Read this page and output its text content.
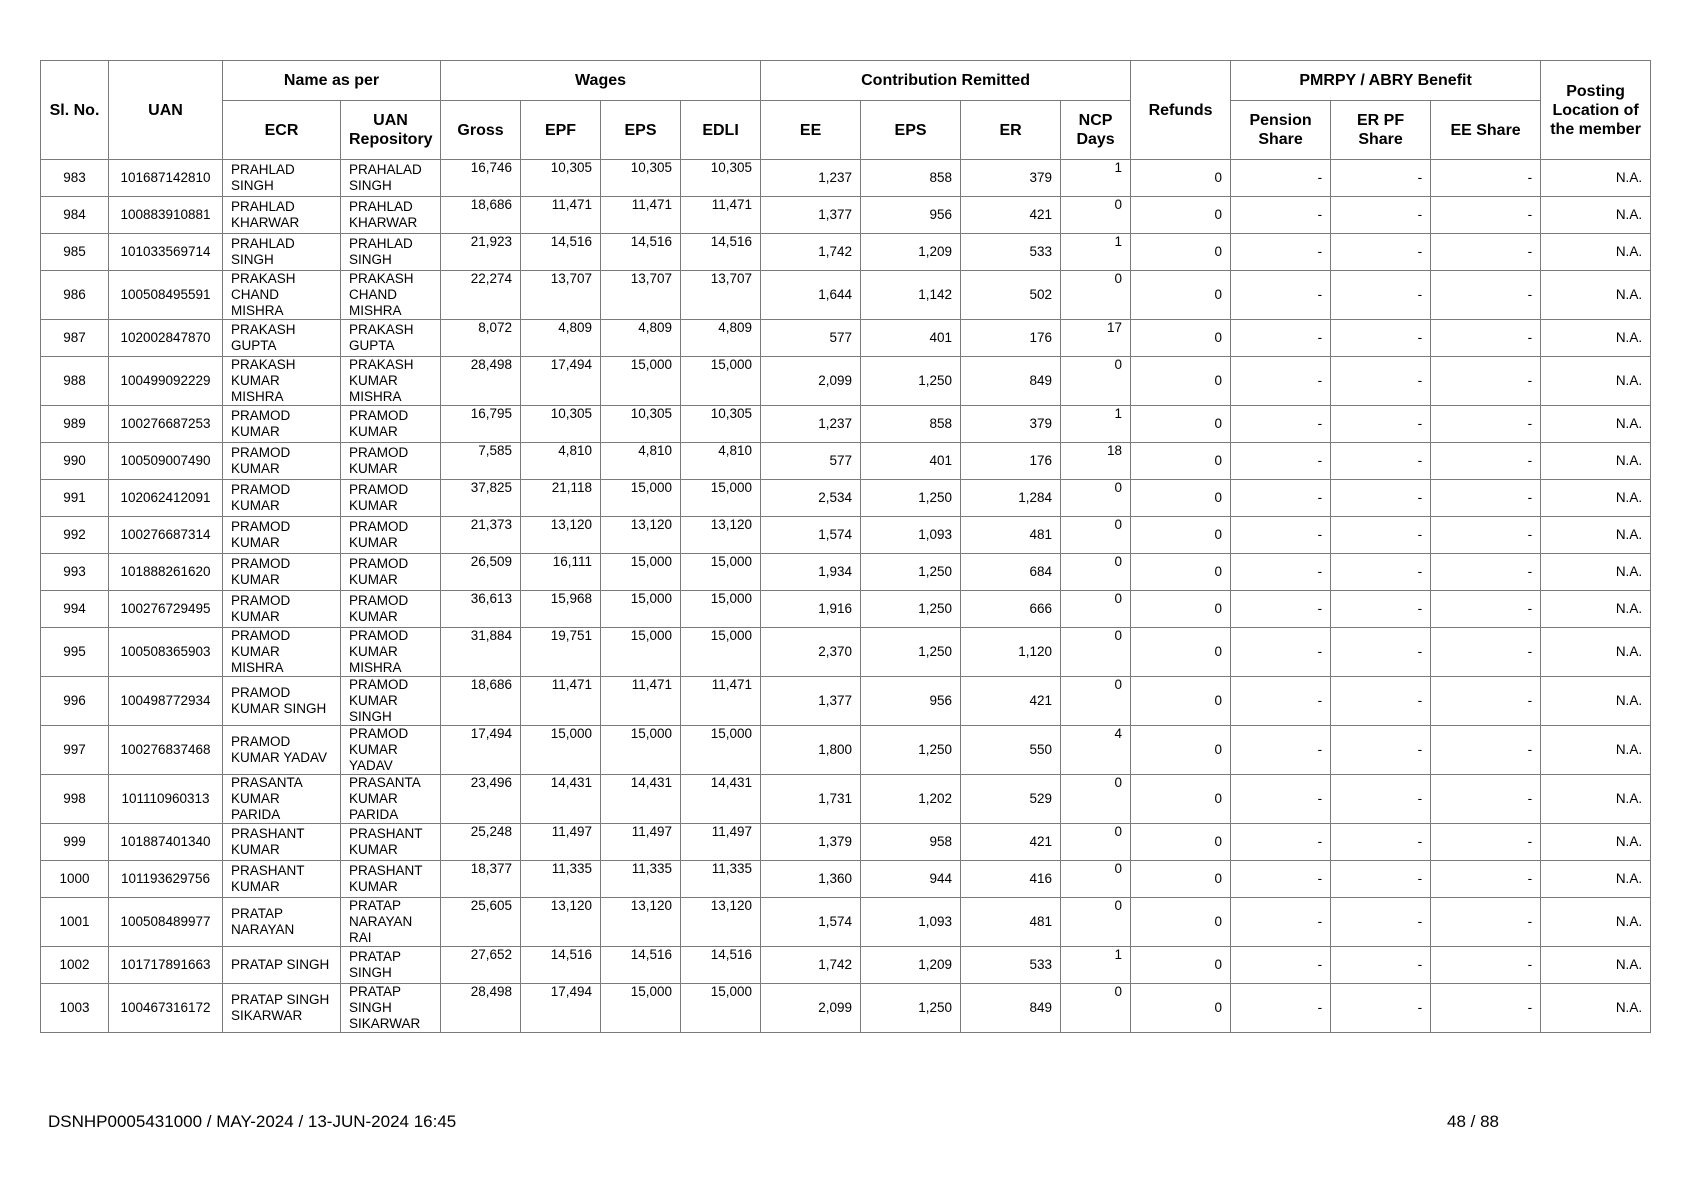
Sl. No.	UAN	Name as per		Wages				Contribution Remitted				Refunds	PMRPY / ABRY Benefit			Posting Location of the member
		ECR	UAN Repository	Gross	EPF	EPS	EDLI	EE	EPS	ER	NCP Days		Pension Share	ER PF Share	EE Share	
983	101687142810	PRAHLAD SINGH	PRAHALAD SINGH	16,746	10,305	10,305	10,305	1,237	858	379	1	0	-	-	-	N.A.
984	100883910881	PRAHLAD KHARWAR	PRAHLAD KHARWAR	18,686	11,471	11,471	11,471	1,377	956	421	0	0	-	-	-	N.A.
985	101033569714	PRAHLAD SINGH	PRAHLAD SINGH	21,923	14,516	14,516	14,516	1,742	1,209	533	1	0	-	-	-	N.A.
986	100508495591	PRAKASH CHAND MISHRA	PRAKASH CHAND MISHRA	22,274	13,707	13,707	13,707	1,644	1,142	502	0	0	-	-	-	N.A.
987	102002847870	PRAKASH GUPTA	PRAKASH GUPTA	8,072	4,809	4,809	4,809	577	401	176	17	0	-	-	-	N.A.
988	100499092229	PRAKASH KUMAR MISHRA	PRAKASH KUMAR MISHRA	28,498	17,494	15,000	15,000	2,099	1,250	849	0	0	-	-	-	N.A.
989	100276687253	PRAMOD KUMAR	PRAMOD KUMAR	16,795	10,305	10,305	10,305	1,237	858	379	1	0	-	-	-	N.A.
990	100509007490	PRAMOD KUMAR	PRAMOD KUMAR	7,585	4,810	4,810	4,810	577	401	176	18	0	-	-	-	N.A.
991	102062412091	PRAMOD KUMAR	PRAMOD KUMAR	37,825	21,118	15,000	15,000	2,534	1,250	1,284	0	0	-	-	-	N.A.
992	100276687314	PRAMOD KUMAR	PRAMOD KUMAR	21,373	13,120	13,120	13,120	1,574	1,093	481	0	0	-	-	-	N.A.
993	101888261620	PRAMOD KUMAR	PRAMOD KUMAR	26,509	16,111	15,000	15,000	1,934	1,250	684	0	0	-	-	-	N.A.
994	100276729495	PRAMOD KUMAR	PRAMOD KUMAR	36,613	15,968	15,000	15,000	1,916	1,250	666	0	0	-	-	-	N.A.
995	100508365903	PRAMOD KUMAR MISHRA	PRAMOD KUMAR MISHRA	31,884	19,751	15,000	15,000	2,370	1,250	1,120	0	0	-	-	-	N.A.
996	100498772934	PRAMOD KUMAR SINGH	PRAMOD KUMAR SINGH	18,686	11,471	11,471	11,471	1,377	956	421	0	0	-	-	-	N.A.
997	100276837468	PRAMOD KUMAR YADAV	PRAMOD KUMAR YADAV	17,494	15,000	15,000	15,000	1,800	1,250	550	4	0	-	-	-	N.A.
998	101110960313	PRASANTA KUMAR PARIDA	PRASANTA KUMAR PARIDA	23,496	14,431	14,431	14,431	1,731	1,202	529	0	0	-	-	-	N.A.
999	101887401340	PRASHANT KUMAR	PRASHANT KUMAR	25,248	11,497	11,497	11,497	1,379	958	421	0	0	-	-	-	N.A.
1000	101193629756	PRASHANT KUMAR	PRASHANT KUMAR	18,377	11,335	11,335	11,335	1,360	944	416	0	0	-	-	-	N.A.
1001	100508489977	PRATAP NARAYAN	PRATAP NARAYAN RAI	25,605	13,120	13,120	13,120	1,574	1,093	481	0	0	-	-	-	N.A.
1002	101717891663	PRATAP SINGH	PRATAP SINGH	27,652	14,516	14,516	14,516	1,742	1,209	533	1	0	-	-	-	N.A.
1003	100467316172	PRATAP SINGH SIKARWAR	PRATAP SINGH SIKARWAR	28,498	17,494	15,000	15,000	2,099	1,250	849	0	0	-	-	-	N.A.
DSNHP0005431000 / MAY-2024 / 13-JUN-2024 16:45	48 / 88
